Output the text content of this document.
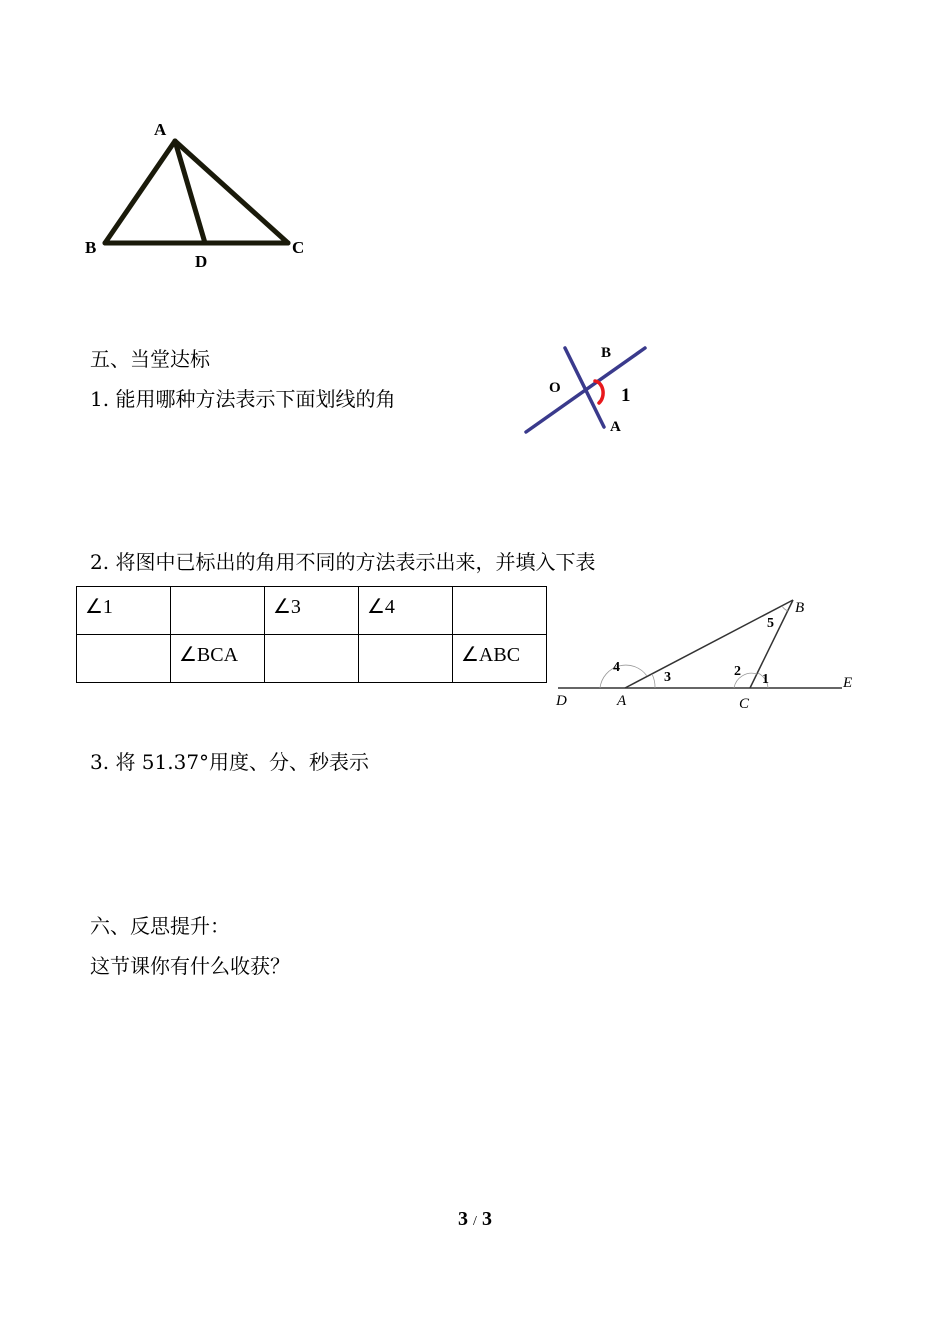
A
B	C
D
五、当堂达标
1. 能用哪种方法表示下面划线的角	O
B
A
1
2. 将图中已标出的角用不同的方法表示出来，并填入下表
∠1		∠3	∠4	
	∠BCA			∠ABC
4
3	2
1
5
D	A	C
E
B
3. 将 51.37°用度、分、秒表示
六、反思提升：
这节课你有什么收获？
3 / 3
